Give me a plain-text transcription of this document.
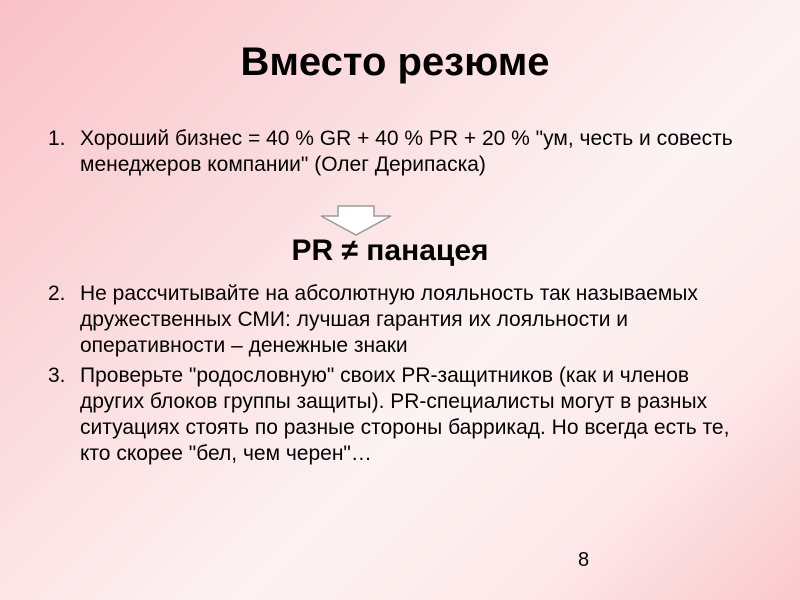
Вместо резюме
1. Хороший бизнес = 40 % GR + 40 % PR + 20 % "ум, честь и совесть менеджеров компании" (Олег Дерипаска)
PR ≠ панацея
2. Не рассчитывайте на абсолютную лояльность так называемых дружественных СМИ: лучшая гарантия их лояльности и оперативности – денежные знаки
3. Проверьте "родословную" своих PR-защитников (как и членов других блоков группы защиты). PR-специалисты могут в разных ситуациях стоять по разные стороны баррикад. Но всегда есть те, кто скорее "бел, чем черен"…
8
